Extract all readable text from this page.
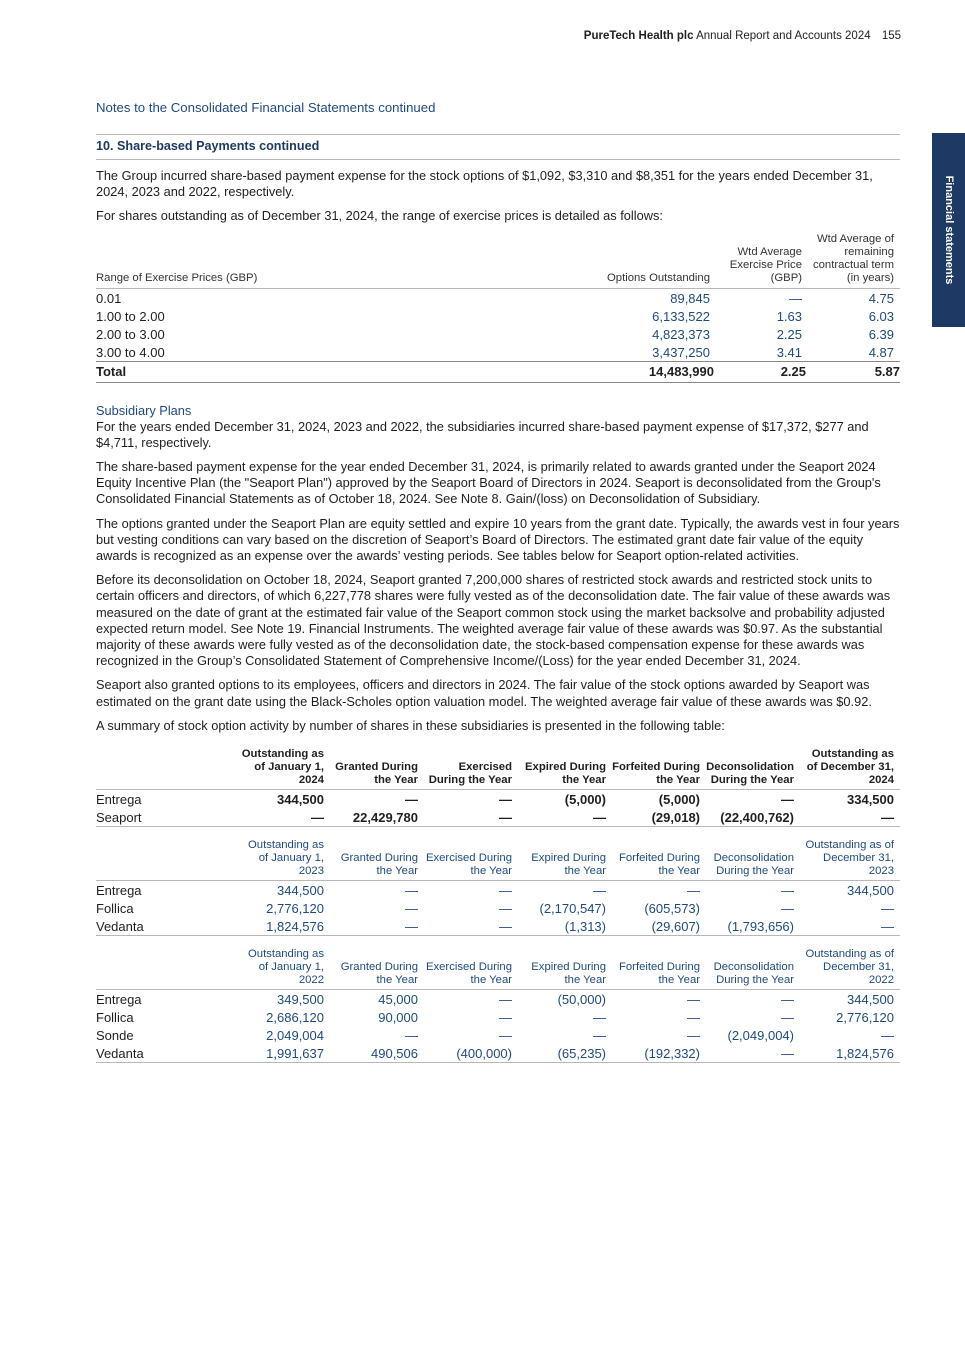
PureTech Health plc Annual Report and Accounts 2024 155
Financial statements
Notes to the Consolidated Financial Statements continued
10. Share-based Payments continued

The Group incurred share-based payment expense for the stock options of $1,092, $3,310 and $8,351 for the years ended December 31, 2024, 2023 and 2022, respectively.

For shares outstanding as of December 31, 2024, the range of exercise prices is detailed as follows:

Range of Exercise Prices (GBP)	Options Outstanding	Wtd Average Exercise Price (GBP)	Wtd Average of remaining contractual term (in years)
0.01	89,845	—	4.75
1.00 to 2.00	6,133,522	1.63	6.03
2.00 to 3.00	4,823,373	2.25	6.39
3.00 to 4.00	3,437,250	3.41	4.87
Total	14,483,990	2.25	5.87
Subsidiary Plans

For the years ended December 31, 2024, 2023 and 2022, the subsidiaries incurred share-based payment expense of $17,372, $277 and $4,711, respectively.

The share-based payment expense for the year ended December 31, 2024, is primarily related to awards granted under the Seaport 2024 Equity Incentive Plan (the "Seaport Plan") approved by the Seaport Board of Directors in 2024. Seaport is deconsolidated from the Group's Consolidated Financial Statements as of October 18, 2024. See Note 8. Gain/(loss) on Deconsolidation of Subsidiary.

The options granted under the Seaport Plan are equity settled and expire 10 years from the grant date. Typically, the awards vest in four years but vesting conditions can vary based on the discretion of Seaport’s Board of Directors. The estimated grant date fair value of the equity awards is recognized as an expense over the awards’ vesting periods. See tables below for Seaport option-related activities.

Before its deconsolidation on October 18, 2024, Seaport granted 7,200,000 shares of restricted stock awards and restricted stock units to certain officers and directors, of which 6,227,778 shares were fully vested as of the deconsolidation date. The fair value of these awards was measured on the date of grant at the estimated fair value of the Seaport common stock using the market backsolve and probability adjusted expected return model. See Note 19. Financial Instruments. The weighted average fair value of these awards was $0.97. As the substantial majority of these awards were fully vested as of the deconsolidation date, the stock-based compensation expense for these awards was recognized in the Group’s Consolidated Statement of Comprehensive Income/(Loss) for the year ended December 31, 2024.

Seaport also granted options to its employees, officers and directors in 2024. The fair value of the stock options awarded by Seaport was estimated on the grant date using the Black-Scholes option valuation model. The weighted average fair value of these awards was $0.92.

A summary of stock option activity by number of shares in these subsidiaries is presented in the following table:

	Outstanding as of January 1, 2024	Granted During the Year	Exercised During the Year	Expired During the Year	Forfeited During the Year	Deconsolidation During the Year	Outstanding as of December 31, 2024
Entrega	344,500	—	—	(5,000)	(5,000)	—	334,500
Seaport	—	22,429,780	—	—	(29,018)	(22,400,762)	—

	Outstanding as of January 1, 2023	Granted During the Year	Exercised During the Year	Expired During the Year	Forfeited During the Year	Deconsolidation During the Year	Outstanding as of December 31, 2023
Entrega	344,500	—	—	—	—	—	344,500
Follica	2,776,120	—	—	(2,170,547)	(605,573)	—	—
Vedanta	1,824,576	—	—	(1,313)	(29,607)	(1,793,656)	—

	Outstanding as of January 1, 2022	Granted During the Year	Exercised During the Year	Expired During the Year	Forfeited During the Year	Deconsolidation During the Year	Outstanding as of December 31, 2022
Entrega	349,500	45,000	—	(50,000)	—	—	344,500
Follica	2,686,120	90,000	—	—	—	—	2,776,120
Sonde	2,049,004	—	—	—	—	(2,049,004)	—
Vedanta	1,991,637	490,506	(400,000)	(65,235)	(192,332)	—	1,824,576
